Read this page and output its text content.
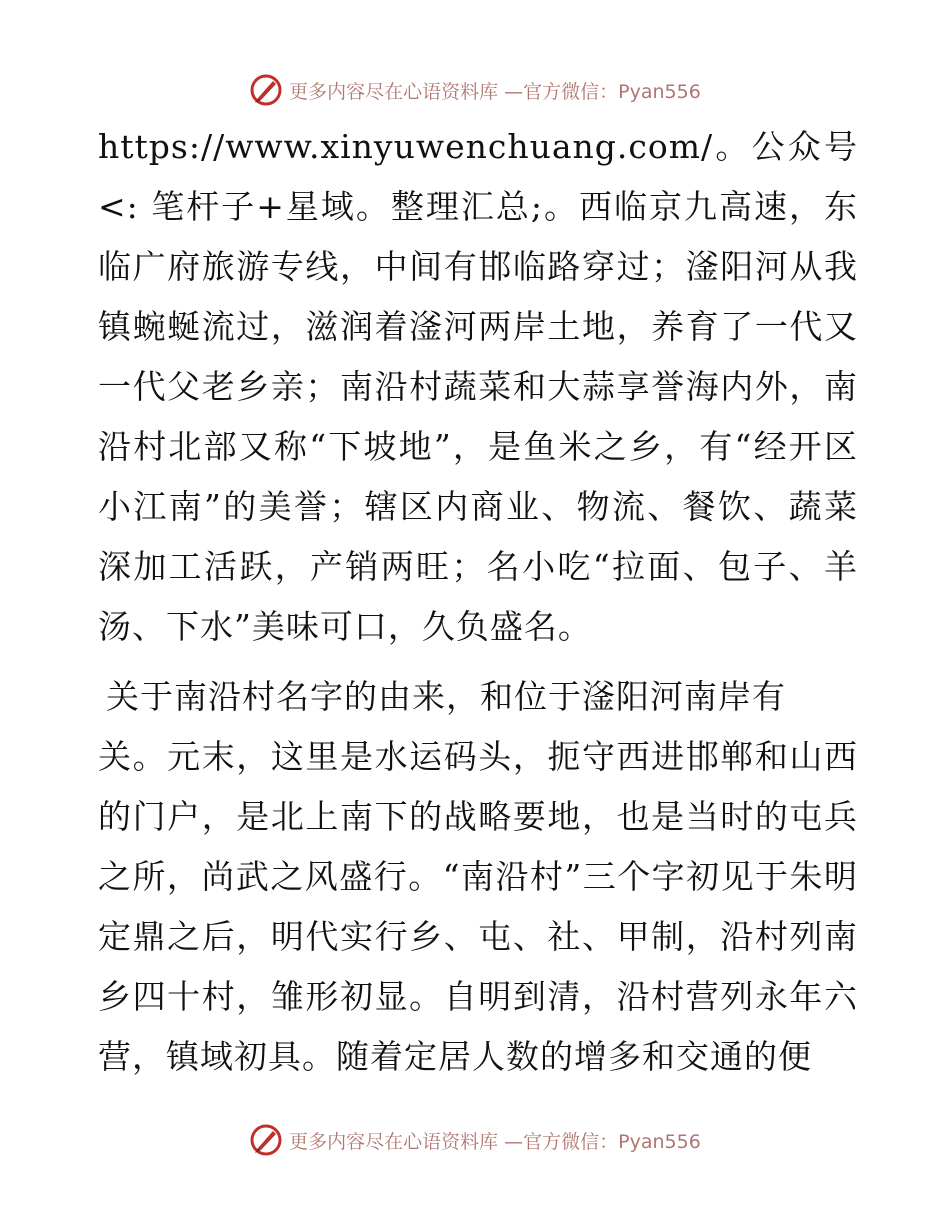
更多内容尽在心语资料库 —官方微信：Pyan556

https://www.xinyuwenchuang.com/。公众号<: 笔杆子+星域。整理汇总;。西临京九高速，东临广府旅游专线，中间有邯临路穿过；滏阳河从我镇蜿蜒流过，滋润着滏河两岸土地，养育了一代又一代父老乡亲；南沿村蔬菜和大蒜享誉海内外，南沿村北部又称“下坡地”，是鱼米之乡，有“经开区小江南”的美誉；辖区内商业、物流、餐饮、蔬菜深加工活跃，产销两旺；名小吃“拉面、包子、羊汤、下水”美味可口，久负盛名。

关于南沿村名字的由来，和位于滏阳河南岸有
关。元末，这里是水运码头，扼守西进邯郸和山西的门户，是北上南下的战略要地，也是当时的屯兵之所，尚武之风盛行。“南沿村”三个字初见于朱明定鼎之后，明代实行乡、屯、社、甲制，沿村列南乡四十村，雏形初显。自明到清，沿村营列永年六营，镇域初具。随着定居人数的增多和交通的便

更多内容尽在心语资料库 —官方微信：Pyan556
